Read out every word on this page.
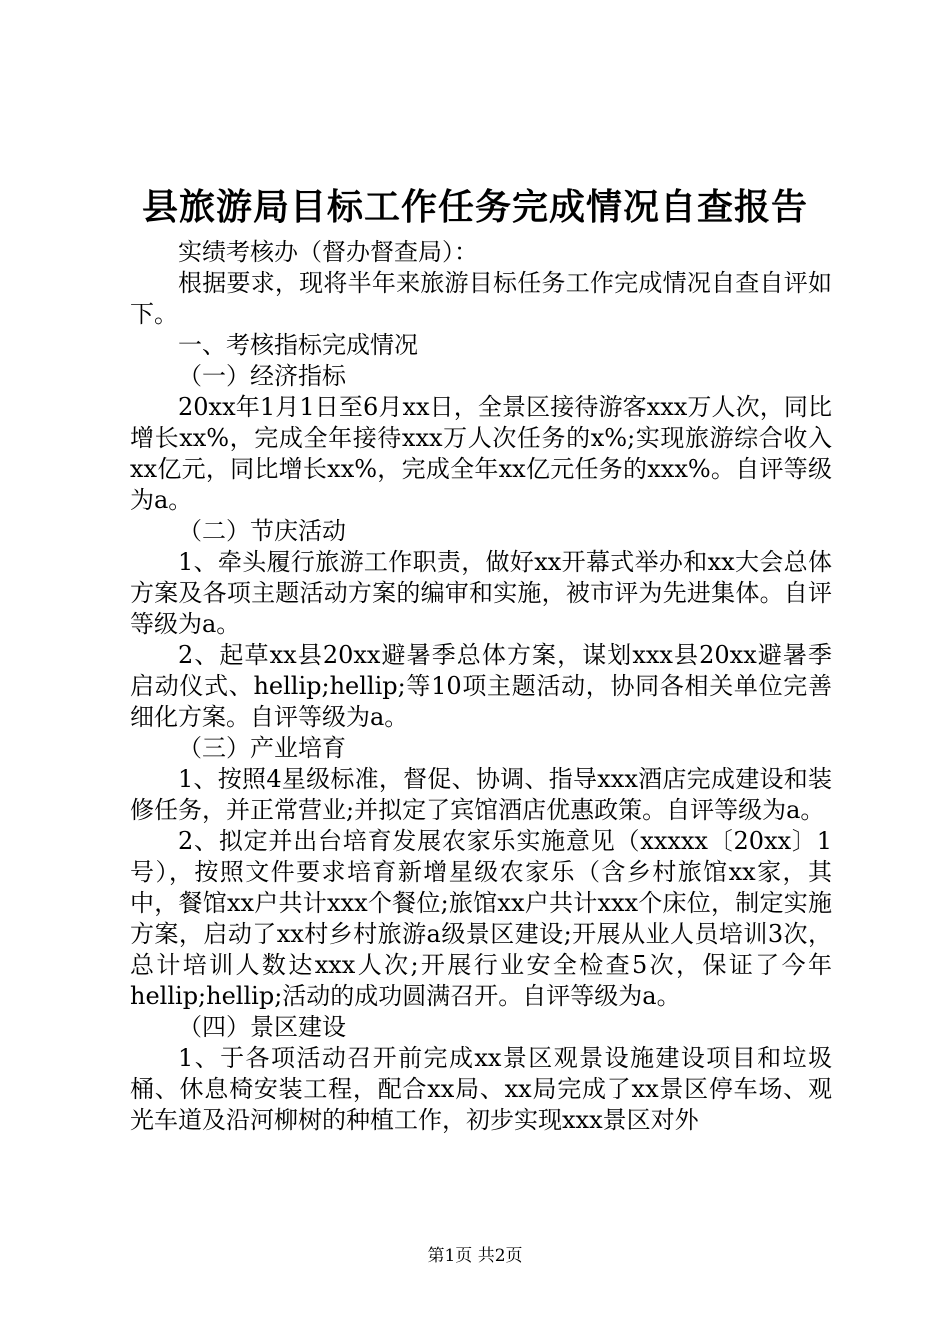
县旅游局目标工作任务完成情况自查报告

实绩考核办（督办督查局）：

根据要求，现将半年来旅游目标任务工作完成情况自查自评如下。

一、考核指标完成情况

（一）经济指标

20xx年1月1日至6月xx日，全景区接待游客xxx万人次，同比增长xx%，完成全年接待xxx万人次任务的x%;实现旅游综合收入xx亿元，同比增长xx%，完成全年xx亿元任务的xxx%。自评等级为a。

（二）节庆活动

1、牵头履行旅游工作职责，做好xx开幕式举办和xx大会总体方案及各项主题活动方案的编审和实施，被市评为先进集体。自评等级为a。

2、起草xx县20xx避暑季总体方案，谋划xxx县20xx避暑季启动仪式、hellip;hellip;等10项主题活动，协同各相关单位完善细化方案。自评等级为a。

（三）产业培育

1、按照4星级标准，督促、协调、指导xxx酒店完成建设和装修任务，并正常营业;并拟定了宾馆酒店优惠政策。自评等级为a。

2、拟定并出台培育发展农家乐实施意见（xxxxx〔20xx〕1号），按照文件要求培育新增星级农家乐（含乡村旅馆xx家，其中，餐馆xx户共计xxx个餐位;旅馆xx户共计xxx个床位，制定实施方案，启动了xx村乡村旅游a级景区建设;开展从业人员培训3次，总计培训人数达xxx人次;开展行业安全检查5次，保证了今年hellip;hellip;活动的成功圆满召开。自评等级为a。

（四）景区建设

1、于各项活动召开前完成xx景区观景设施建设项目和垃圾桶、休息椅安装工程，配合xx局、xx局完成了xx景区停车场、观光车道及沿河柳树的种植工作，初步实现xxx景区对外

第1页 共2页
